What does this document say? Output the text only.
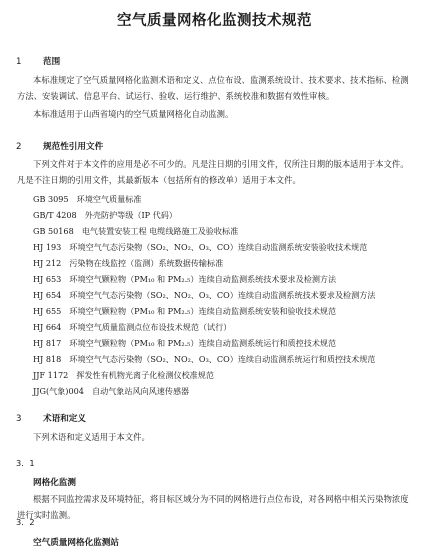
空气质量网格化监测技术规范
1	范围
本标准规定了空气质量网格化监测术语和定义、点位布设、监测系统设计、技术要求、技术指标、检测方法、安装调试、信息平台、试运行、验收、运行维护、系统校准和数据有效性审核。
本标准适用于山西省境内的空气质量网格化自动监测。
2	规范性引用文件
下列文件对于本文件的应用是必不可少的。凡是注日期的引用文件，仅所注日期的版本适用于本文件。凡是不注日期的引用文件，其最新版本（包括所有的修改单）适用于本文件。
GB 3095　环境空气质量标准
GB/T 4208　外壳防护等级（IP 代码）
GB 50168　电气装置安装工程 电缆线路施工及验收标准
HJ 193　环境空气气态污染物（SO₂、NO₂、O₃、CO）连续自动监测系统安装验收技术规范
HJ 212　污染物在线监控（监测）系统数据传输标准
HJ 653　环境空气颗粒物（PM₁₀ 和 PM₂.₅）连续自动监测系统技术要求及检测方法
HJ 654　环境空气气态污染物（SO₂、NO₂、O₃、CO）连续自动监测系统技术要求及检测方法
HJ 655　环境空气颗粒物（PM₁₀ 和 PM₂.₅）连续自动监测系统安装和验收技术规范
HJ 664　环境空气质量监测点位布设技术规范（试行）
HJ 817　环境空气颗粒物（PM₁₀ 和 PM₂.₅）连续自动监测系统运行和质控技术规范
HJ 818　环境空气气态污染物（SO₂、NO₂、O₃、CO）连续自动监测系统运行和质控技术规范
JJF 1172　挥发性有机物光离子化检测仪校准规范
JJG(气象)004　自动气象站风向风速传感器
3	术语和定义
下列术语和定义适用于本文件。
3．1
网格化监测
根据不同监控需求及环境特征，将目标区域分为不同的网格进行点位布设，对各网格中相关污染物浓度进行实时监测。
3．2
空气质量网格化监测站
